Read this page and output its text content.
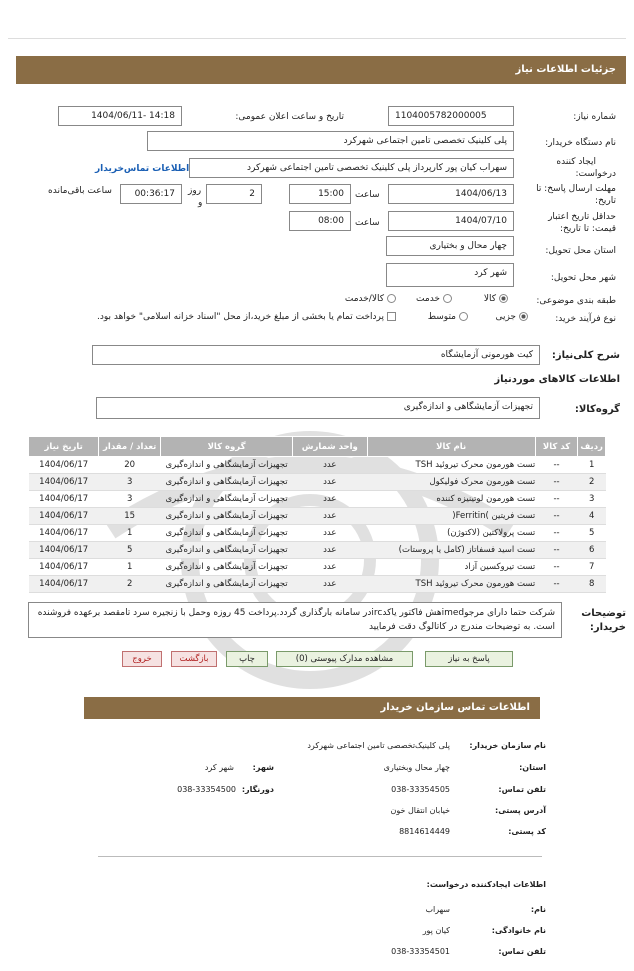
جزئیات اطلاعات نیاز
شماره نیاز:
1104005782000005
تاریخ و ساعت اعلان عمومی:
1404/06/11- 14:18
نام دستگاه خریدار:
پلی کلینیک تخصصی تامین اجتماعی شهرکرد
ایجاد کننده
درخواست:
سهراب کیان پور کارپرداز پلی کلینیک تخصصی تامین اجتماعی شهرکرد
اطلاعات تماس‌خریدار
مهلت ارسال پاسخ: تا
تاریخ:
1404/06/13
ساعت
15:00
2
روز
و
00:36:17
ساعت باقی‌مانده
حداقل تاریخ اعتبار
قیمت: تا تاریخ:
1404/07/10
ساعت
08:00
استان محل تحویل:
چهار محال و بختیاری
شهر محل تحویل:
شهر کرد
طبقه بندی موضوعی:
کالا
خدمت
کالا/خدمت
نوع فرآیند خرید:
جزیی
متوسط
پرداخت تمام یا بخشی از مبلغ خرید،از محل "اسناد خزانه اسلامی" خواهد بود.
شرح کلی‌نیاز:
کیت هورمونی آزمایشگاه
اطلاعات کالاهای موردنیاز
گروه‌کالا:
تجهیزات آزمایشگاهی و اندازه‌گیری
ردیف	کد کالا	نام کالا	واحد شمارش	گروه کالا	تعداد / مقدار	تاریخ نیاز
1	--	تست هورمون محرک تیروئید TSH	عدد	تجهیزات آزمایشگاهی و اندازه‌گیری	20	1404/06/17
2	--	تست هورمون محرک فولیکول	عدد	تجهیزات آزمایشگاهی و اندازه‌گیری	3	1404/06/17
3	--	تست هورمون لوتینیزه کننده	عدد	تجهیزات آزمایشگاهی و اندازه‌گیری	3	1404/06/17
4	--	تست فریتین )Ferritin(	عدد	تجهیزات آزمایشگاهی و اندازه‌گیری	15	1404/06/17
5	--	تست پرولاکتین (لاکتوژن)	عدد	تجهیزات آزمایشگاهی و اندازه‌گیری	1	1404/06/17
6	--	تست اسید فسفاتاز (کامل یا پروستات)	عدد	تجهیزات آزمایشگاهی و اندازه‌گیری	5	1404/06/17
7	--	تست تیروکسین آزاد	عدد	تجهیزات آزمایشگاهی و اندازه‌گیری	1	1404/06/17
8	--	تست هورمون محرک تیروئید TSH	عدد	تجهیزات آزمایشگاهی و اندازه‌گیری	2	1404/06/17
توضیحات
خریدار:
شرکت حتما دارای مرجوimedهش فاکتور یاکدircدر سامانه بارگذاری گردد.پرداخت 45 روزه وحمل با زنجیره سرد تامقصد برعهده فروشنده است. به توضیحات مندرج در کاتالوگ دقت فرمایید
پاسخ به نیاز
مشاهده مدارک پیوستی (0)
چاپ
بازگشت
خروج
اطلاعات تماس سازمان خریدار
نام سازمان خریدار:
پلی کلینیک‌تخصصی تامین اجتماعی شهرکرد
استان:
چهار محال وبختیاری
شهر:
شهر کرد
تلفن تماس:
038-33354505
دورنگار:
038-33354500
آدرس پستی:
خیابان انتقال خون
کد پستی:
8814614449
اطلاعات ایجادکننده درخواست:
نام:
سهراب
نام خانوادگی:
کیان پور
تلفن تماس:
038-33354501
